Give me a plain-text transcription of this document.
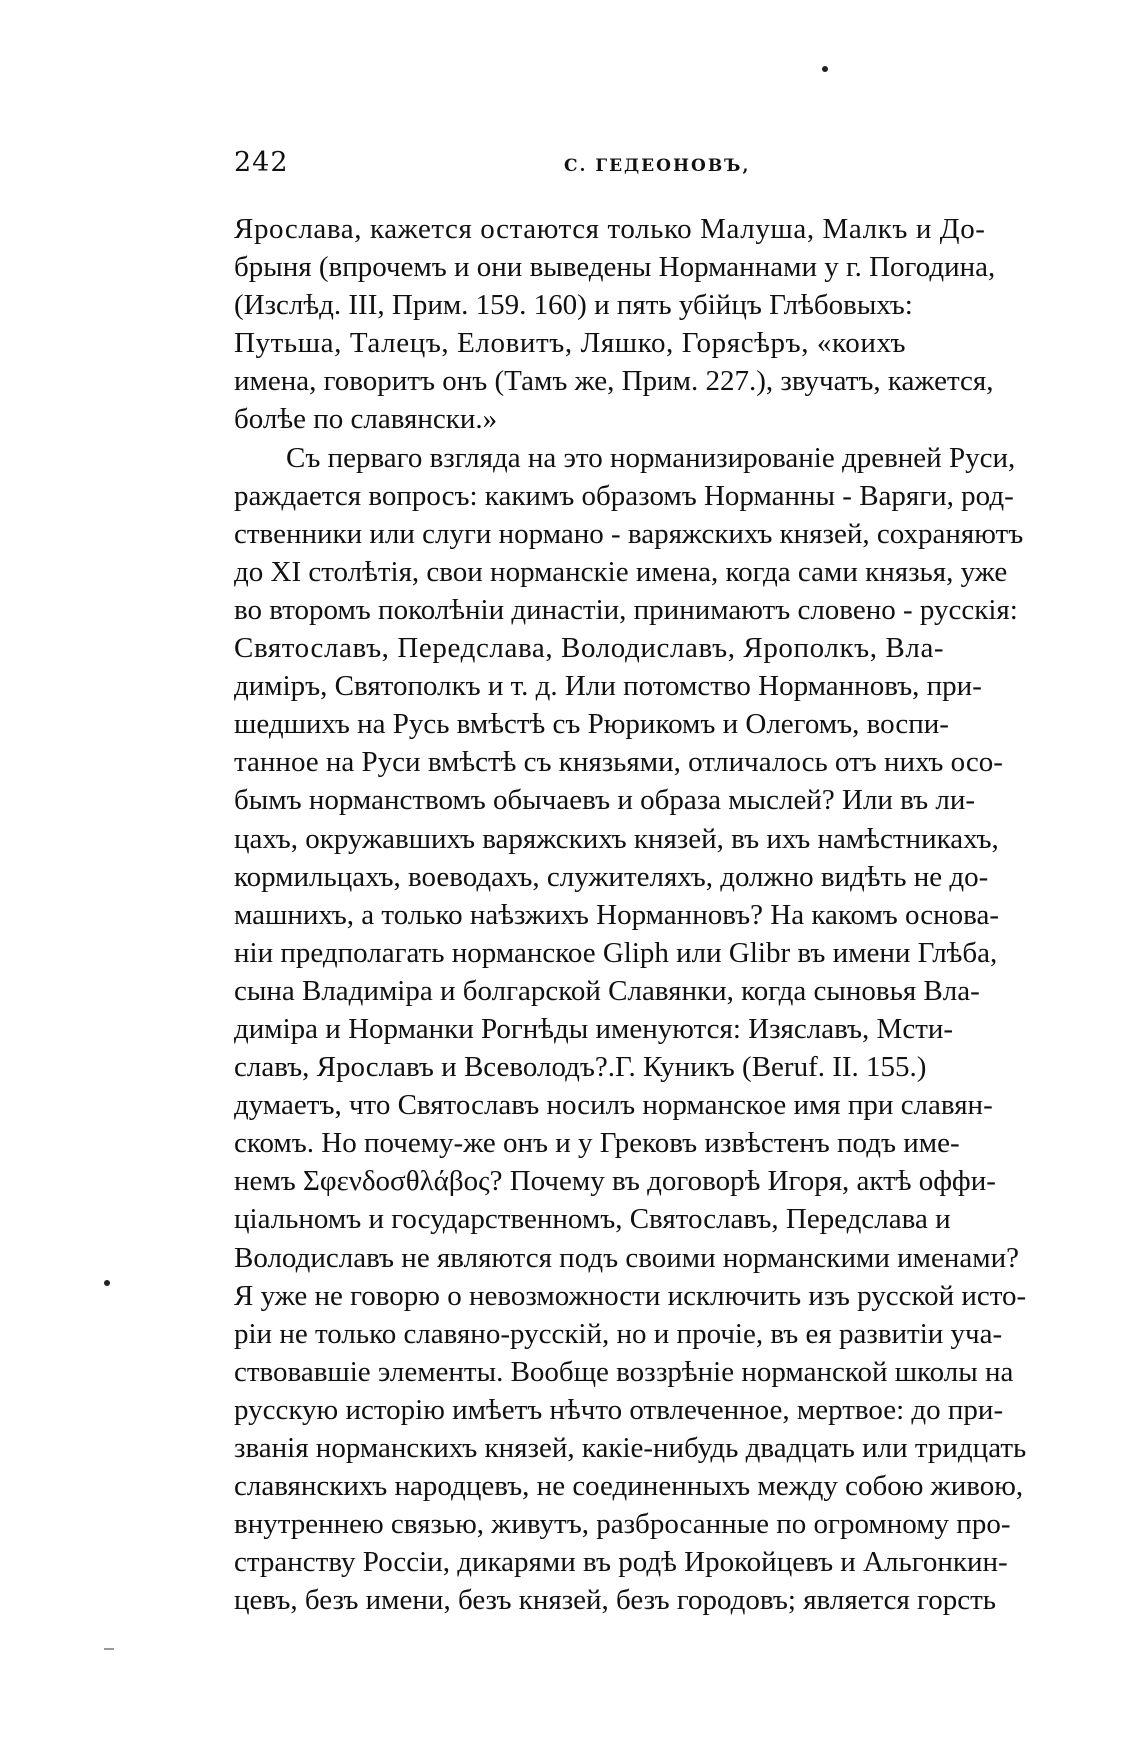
242	С. ГЕДЕОНОВЪ,
Ярослава, кажется остаются только Малуша, Малкъ и До-
брыня (впрочемъ и они выведены Норманнами у г. Погодина,
(Изслѣд. III, Прим. 159. 160) и пять убійцъ Глѣбовыхъ:
Путьша, Талецъ, Еловитъ, Ляшко, Горясѣръ, «коихъ
имена, говоритъ онъ (Тамъ же, Прим. 227.), звучатъ, кажется,
болѣе по славянски.»
Съ перваго взгляда на это норманизированіе древней Руси,
раждается вопросъ: какимъ образомъ Норманны - Варяги, род-
ственники или слуги нормано - варяжскихъ князей, сохраняютъ
до XI столѣтія, свои норманскіе имена, когда сами князья, уже
во второмъ поколѣніи династіи, принимаютъ словено - русскія:
Святославъ, Передслава, Володиславъ, Ярополкъ, Вла-
диміръ, Святополкъ и т. д. Или потомство Норманновъ, при-
шедшихъ на Русь вмѣстѣ съ Рюрикомъ и Олегомъ, воспи-
танное на Руси вмѣстѣ съ князьями, отличалось отъ нихъ осо-
бымъ норманствомъ обычаевъ и образа мыслей? Или въ ли-
цахъ, окружавшихъ варяжскихъ князей, въ ихъ намѣстникахъ,
кормильцахъ, воеводахъ, служителяхъ, должно видѣть не до-
машнихъ, а только наѣзжихъ Норманновъ? На какомъ основа-
ніи предполагать норманское Gliph или Glibr въ имени Глѣба,
сына Владиміра и болгарской Славянки, когда сыновья Вла-
диміра и Норманки Рогнѣды именуются: Изяславъ, Мсти-
славъ, Ярославъ и Всеволодъ?.Г. Куникъ (Beruf. II. 155.)
думаетъ, что Святославъ носилъ норманское имя при славян-
скомъ. Но почему-же онъ и у Грековъ извѣстенъ подъ име-
немъ Σφενδοσθλάβος? Почему въ договорѣ Игоря, актѣ оффи-
ціальномъ и государственномъ, Святославъ, Передслава и
Володиславъ не являются подъ своими норманскими именами?
Я уже не говорю о невозможности исключить изъ русской исто-
ріи не только славяно-русскій, но и прочіе, въ ея развитіи уча-
ствовавшіе элементы. Вообще воззрѣніе норманской школы на
русскую исторію имѣетъ нѣчто отвлеченное, мертвое: до при-
званія норманскихъ князей, какіе-нибудь двадцать или тридцать
славянскихъ народцевъ, не соединенныхъ между собою живою,
внутреннею связью, живутъ, разбросанные по огромному про-
странству Россіи, дикарями въ родѣ Ирокойцевъ и Альгонкин-
цевъ, безъ имени, безъ князей, безъ городовъ; является горсть
